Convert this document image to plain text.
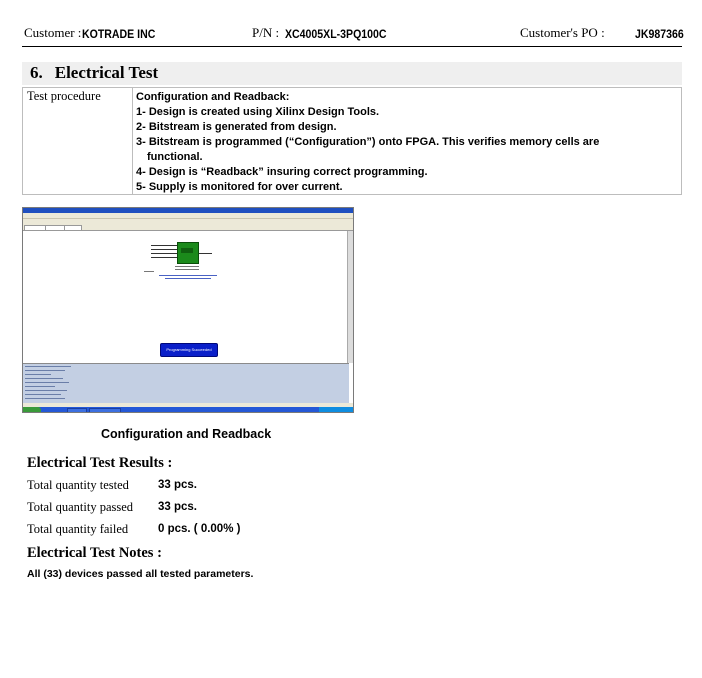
Customer : KOTRADE INC	P/N : XC4005XL-3PQ100C	Customer's PO :	JK987366
6. Electrical Test
Test procedure	Configuration and Readback:
1- Design is created using Xilinx Design Tools.
2- Bitstream is generated from design.
3- Bitstream is programmed (“Configuration”) onto FPGA. This verifies memory cells are
functional.
4- Design is “Readback” insuring correct programming.
5- Supply is monitored for over current.
Programming Succeeded
Configuration and Readback
Electrical Test Results :
Total quantity tested	33 pcs.
Total quantity passed 33 pcs.
Total quantity failed	0 pcs. ( 0.00% )
Electrical Test Notes :
All (33) devices passed all tested parameters.
